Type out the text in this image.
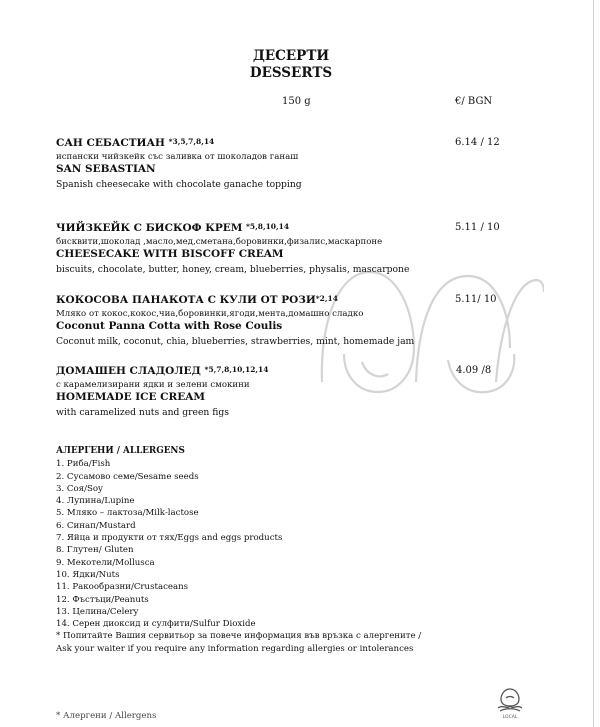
ДЕСЕРТИ
DESSERTS
150 g	€/ BGN
САН СЕБАСТИАН *3,5,7,8,14
испански чийзкейк със заливка от шоколадов ганаш
SAN SEBASTIAN
Spanish cheesecake with chocolate ganache topping
6.14 / 12
ЧИЙЗКЕЙК С БИСКОФ КРЕМ *5,8,10,14
бисквити,шоколад ,масло,мед,сметана,боровинки,физалис,маскарпоне
CHEESECAKE WITH BISCOFF CREAM
biscuits, chocolate, butter, honey, cream, blueberries, physalis, mascarpone
5.11 / 10
КОКОСОВА ПАНАКОТА С КУЛИ ОТ РОЗИ*2,14
Мляко от кокос,кокос,чиа,боровинки,ягоди,мента,домашно сладко
Coconut Panna Cotta with Rose Coulis
Coconut milk, coconut, chia, blueberries, strawberries, mint, homemade jam
5.11/ 10
ДОМАШЕН СЛАДОЛЕД *5,7,8,10,12,14
с карамелизирани ядки и зелени смокини
HOMEMADE ICE CREAM
with caramelized nuts and green figs
4.09 /8
АЛЕРГЕНИ / ALLERGENS
1. Риба/Fish
2. Сусамово семе/Sesame seeds
3. Соя/Soy
4. Лупина/Lupine
5. Мляко – лактоза/Milk-lactose
6. Синап/Mustard
7. Яйца и продукти от тях/Eggs and eggs products
8. Глутен/ Gluten
9. Мекотели/Mollusca
10. Ядки/Nuts
11. Ракообразни/Crustaceans
12. Фъстъци/Peanuts
13. Целина/Celery
14. Серен диоксид и сулфити/Sulfur Dioxide
* Попитайте Вашия сервитьор за повече информация във връзка с алергените /
Ask your waiter if you require any information regarding allergies or intolerances
* Алергени / Allergens	LOCAL
